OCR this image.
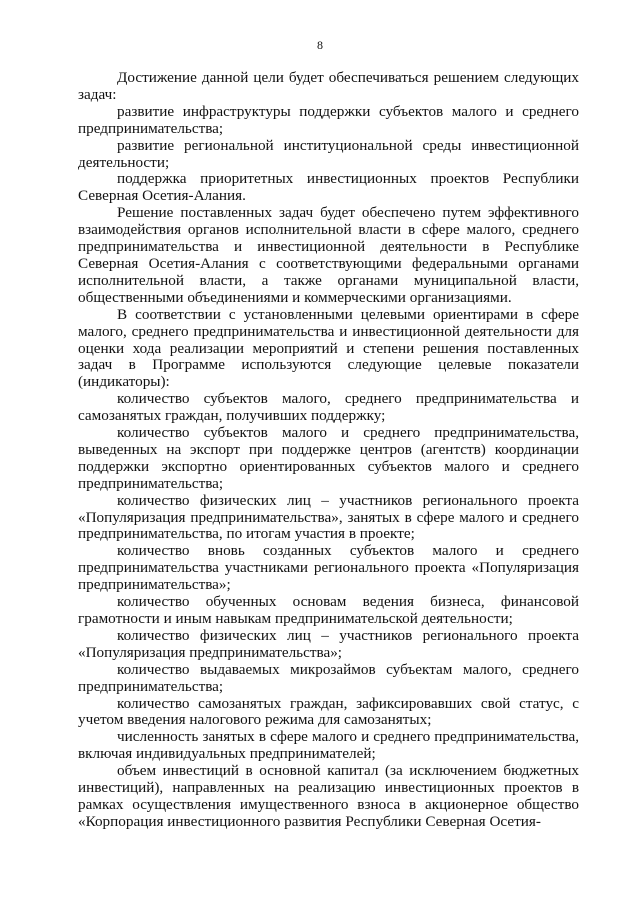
8

Достижение данной цели будет обеспечиваться решением следующих задач:

развитие инфраструктуры поддержки субъектов малого и среднего предпринимательства;

развитие региональной институциональной среды инвестиционной деятельности;

поддержка приоритетных инвестиционных проектов Республики Северная Осетия-Алания.

Решение поставленных задач будет обеспечено путем эффективного взаимодействия органов исполнительной власти в сфере малого, среднего предпринимательства и инвестиционной деятельности в Республике Северная Осетия-Алания с соответствующими федеральными органами исполнительной власти, а также органами муниципальной власти, общественными объединениями и коммерческими организациями.

В соответствии с установленными целевыми ориентирами в сфере малого, среднего предпринимательства и инвестиционной деятельности для оценки хода реализации мероприятий и степени решения поставленных задач в Программе используются следующие целевые показатели (индикаторы):

количество субъектов малого, среднего предпринимательства и самозанятых граждан, получивших поддержку;

количество субъектов малого и среднего предпринимательства, выведенных на экспорт при поддержке центров (агентств) координации поддержки экспортно ориентированных субъектов малого и среднего предпринимательства;

количество физических лиц – участников регионального проекта «Популяризация предпринимательства», занятых в сфере малого и среднего предпринимательства, по итогам участия в проекте;

количество вновь созданных субъектов малого и среднего предпринимательства участниками регионального проекта «Популяризация предпринимательства»;

количество обученных основам ведения бизнеса, финансовой грамотности и иным навыкам предпринимательской деятельности;

количество физических лиц – участников регионального проекта «Популяризация предпринимательства»;

количество выдаваемых микрозаймов субъектам малого, среднего предпринимательства;

количество самозанятых граждан, зафиксировавших свой статус, с учетом введения налогового режима для самозанятых;

численность занятых в сфере малого и среднего предпринимательства, включая индивидуальных предпринимателей;

объем инвестиций в основной капитал (за исключением бюджетных инвестиций), направленных на реализацию инвестиционных проектов в рамках осуществления имущественного взноса в акционерное общество «Корпорация инвестиционного развития Республики Северная Осетия-
